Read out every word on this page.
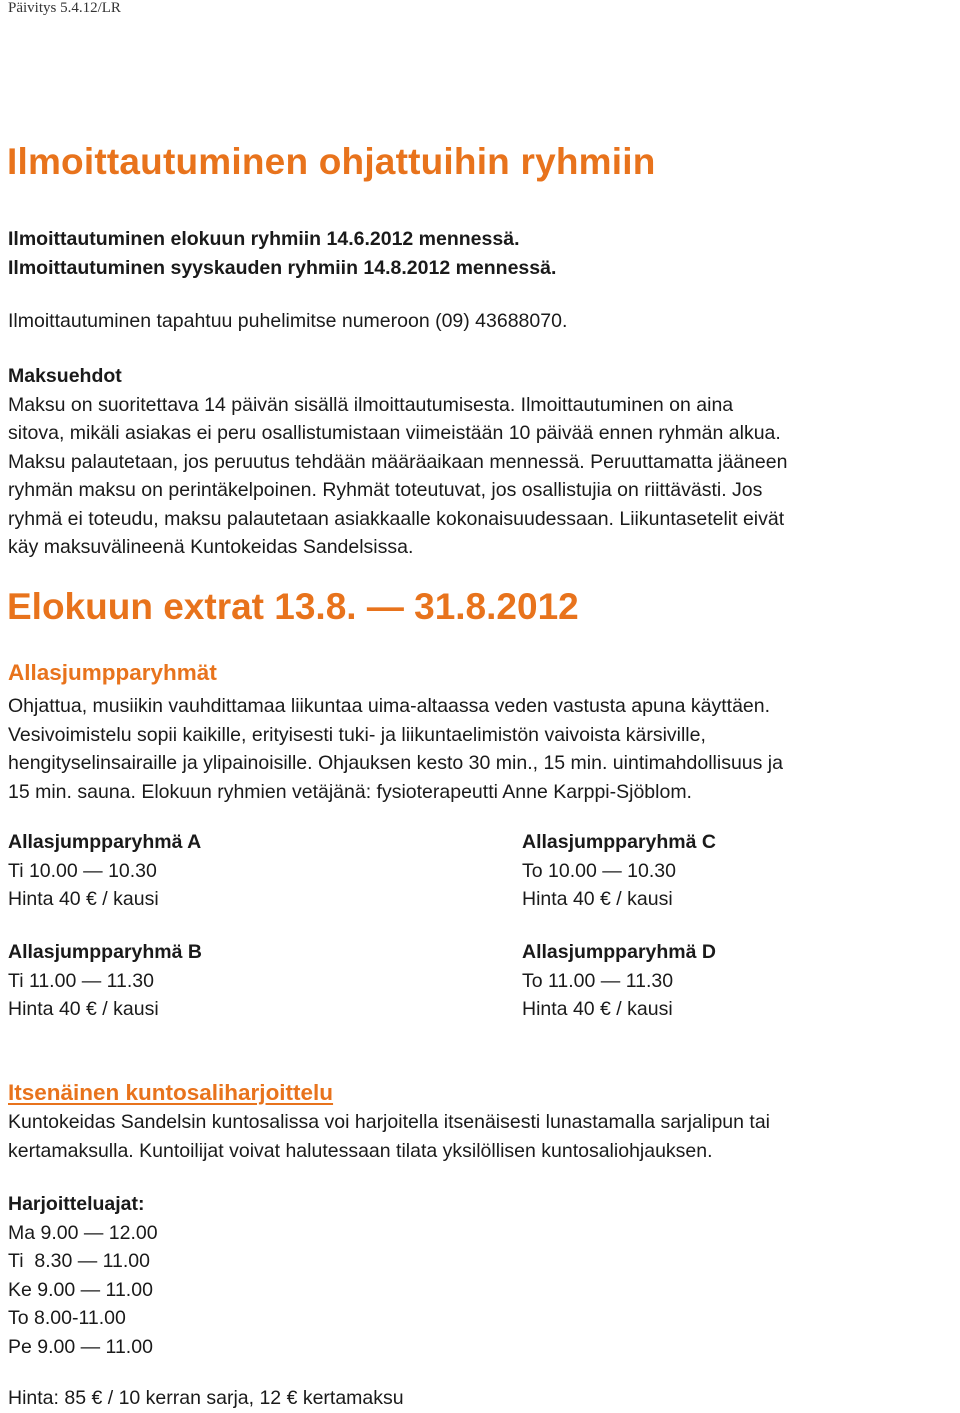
Päivitys 5.4.12/LR
Ilmoittautuminen ohjattuihin ryhmiin

Ilmoittautuminen elokuun ryhmiin 14.6.2012 mennessä.

Ilmoittautuminen syyskauden ryhmiin 14.8.2012 mennessä.

Ilmoittautuminen tapahtuu puhelimitse numeroon (09) 43688070.

Maksuehdot

Maksu on suoritettava 14 päivän sisällä ilmoittautumisesta. Ilmoittautuminen on aina

sitova, mikäli asiakas ei peru osallistumistaan viimeistään 10 päivää ennen ryhmän alkua.

Maksu palautetaan, jos peruutus tehdään määräaikaan mennessä. Peruuttamatta jääneen

ryhmän maksu on perintäkelpoinen. Ryhmät toteutuvat, jos osallistujia on riittävästi. Jos

ryhmä ei toteudu, maksu palautetaan asiakkaalle kokonaisuudessaan. Liikuntasetelit eivät

käy maksuvälineenä Kuntokeidas Sandelsissa.

Elokuun extrat 13.8. — 31.8.2012
Allasjumpparyhmät

Ohjattua, musiikin vauhdittamaa liikuntaa uima-altaassa veden vastusta apuna käyttäen.

Vesivoimistelu sopii kaikille, erityisesti tuki- ja liikuntaelimistön vaivoista kärsiville,

hengityselinsairaille ja ylipainoisille. Ohjauksen kesto 30 min., 15 min. uintimahdollisuus ja

15 min. sauna. Elokuun ryhmien vetäjänä: fysioterapeutti Anne Karppi-Sjöblom.

Allasjumpparyhmä A

Ti 10.00 — 10.30

Hinta 40 € / kausi

Allasjumpparyhmä C

To 10.00 — 10.30

Hinta 40 € / kausi

Allasjumpparyhmä B

Ti 11.00 — 11.30

Hinta 40 € / kausi

Allasjumpparyhmä D

To 11.00 — 11.30

Hinta 40 € / kausi

Itsenäinen kuntosaliharjoittelu

Kuntokeidas Sandelsin kuntosalissa voi harjoitella itsenäisesti lunastamalla sarjalipun tai

kertamaksulla. Kuntoilijat voivat halutessaan tilata yksilöllisen kuntosaliohjauksen.

Harjoitteluajat:

Ma 9.00 — 12.00

Ti  8.30 — 11.00

Ke 9.00 — 11.00

To 8.00-11.00

Pe 9.00 — 11.00

Hinta: 85 € / 10 kerran sarja, 12 € kertamaksu
